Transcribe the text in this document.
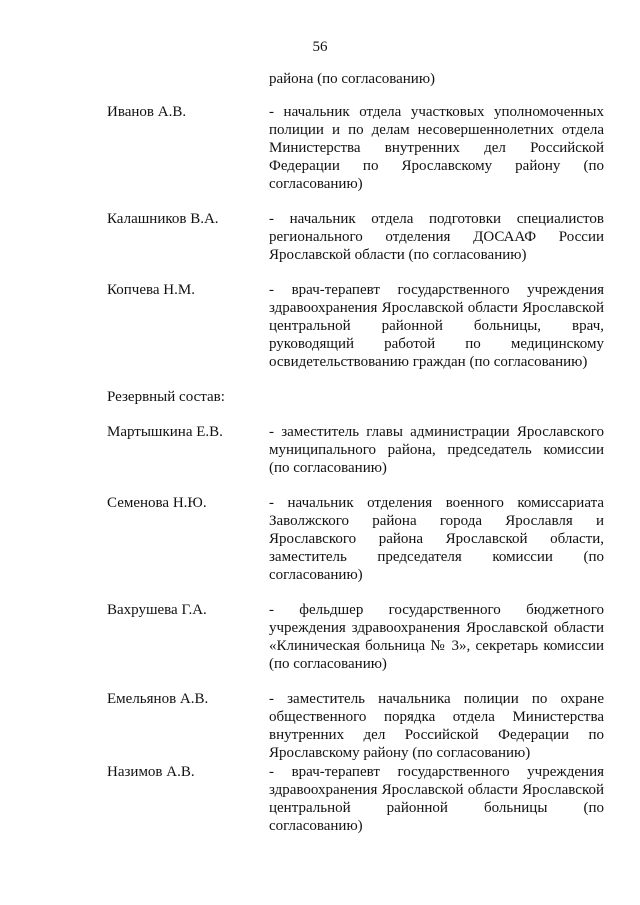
56
района (по согласованию)
Иванов А.В.	- начальник отдела участковых уполномоченных полиции и по делам несовершеннолетних отдела Министерства внутренних дел Российской Федерации по Ярославскому району (по согласованию)
Калашников В.А.	- начальник отдела подготовки специалистов регионального отделения ДОСААФ России Ярославской области (по согласованию)
Копчева Н.М.	- врач-терапевт государственного учреждения здравоохранения Ярославской области Ярославской центральной районной больницы, врач, руководящий работой по медицинскому освидетельствованию граждан (по согласованию)
Резервный состав:
Мартышкина Е.В.	- заместитель главы администрации Ярославского муниципального района, председатель комиссии (по согласованию)
Семенова Н.Ю.	- начальник отделения военного комиссариата Заволжского района города Ярославля и Ярославского района Ярославской области, заместитель председателя комиссии (по согласованию)
Вахрушева Г.А.	- фельдшер государственного бюджетного учреждения здравоохранения Ярославской области «Клиническая больница № 3», секретарь комиссии (по согласованию)
Емельянов А.В.	- заместитель начальника полиции по охране общественного порядка отдела Министерства внутренних дел Российской Федерации по Ярославскому району (по согласованию)
Назимов А.В.	- врач-терапевт государственного учреждения здравоохранения Ярославской области Ярославской центральной районной больницы (по согласованию)
